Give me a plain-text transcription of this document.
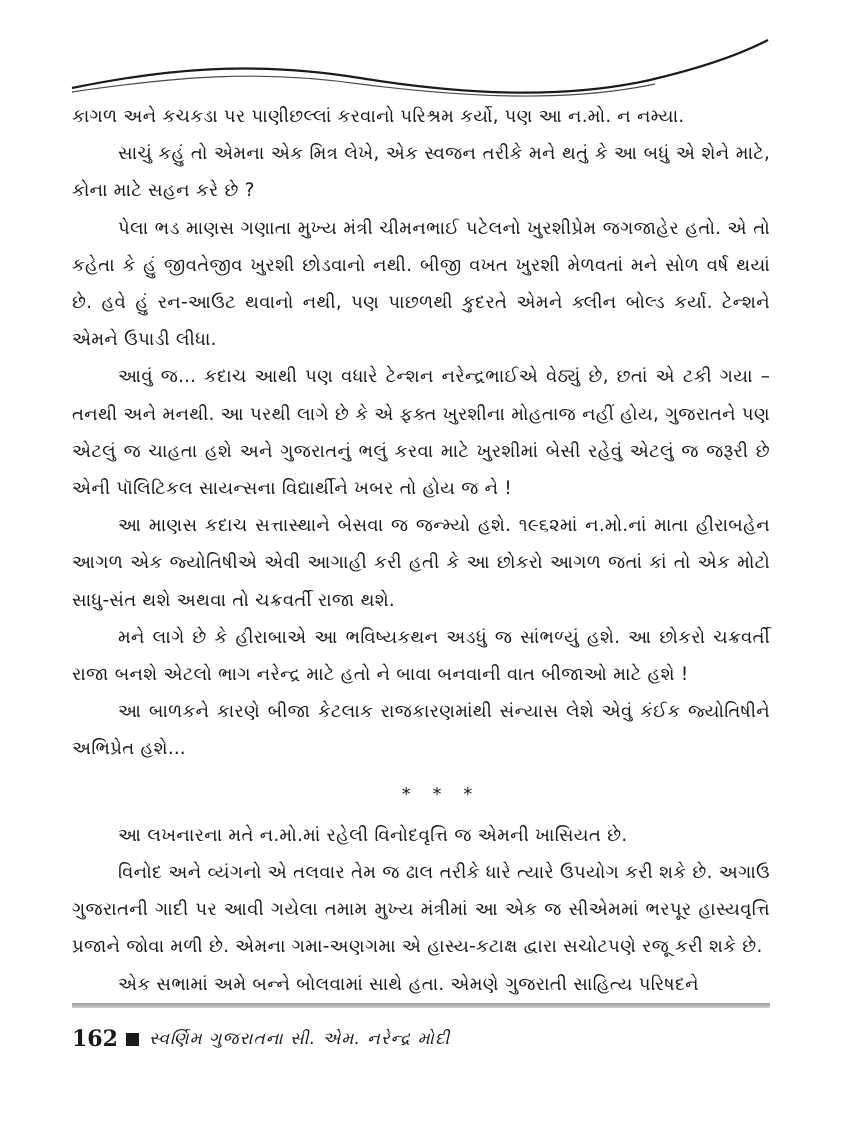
કાગળ અને કચકડા પર પાણીછલ્લાં કરવાનો પરિશ્રમ કર્યો, પણ આ ન.મો. ન નમ્યા.

સાચું કહું તો એમના એક મિત્ર લેખે, એક સ્વજન તરીકે મને થતું કે આ બધું એ શેને માટે, કોના માટે સહન કરે છે ?

પેલા ભડ માણસ ગણાતા મુખ્ય મંત્રી ચીમનભાઈ પટેલનો ખુરશીપ્રેમ જગજાહેર હતો. એ તો કહેતા કે હું જીવતેજીવ ખુરશી છોડવાનો નથી. બીજી વખત ખુરશી મેળવતાં મને સોળ વર્ષ થયાં છે. હવે હું રન-આઉટ થવાનો નથી, પણ પાછળથી કુદરતે એમને ક્લીન બોલ્ડ કર્યા. ટેન્શને એમને ઉપાડી લીધા.

આવું જ... કદાચ આથી પણ વધારે ટેન્શન નરેન્દ્રભાઈએ વેઠ્યું છે, છતાં એ ટકી ગયા – તનથી અને મનથી. આ પરથી લાગે છે કે એ ફક્ત ખુરશીના મોહતાજ નહીં હોય, ગુજરાતને પણ એટલું જ ચાહતા હશે અને ગુજરાતનું ભલું કરવા માટે ખુરશીમાં બેસી રહેવું એટલું જ જરૂરી છે એની પૉલિટિકલ સાયન્સના વિદ્યાર્થીને ખબર તો હોય જ ને !

આ માણસ કદાચ સત્તાસ્થાને બેસવા જ જન્મ્યો હશે. ૧૯૬૨માં ન.મો.નાં માતા હીરાબહેન આગળ એક જ્યોતિષીએ એવી આગાહી કરી હતી કે આ છોકરો આગળ જતાં કાં તો એક મોટો સાધુ-સંત થશે અથવા તો ચક્રવર્તી રાજા થશે.

મને લાગે છે કે હીરાબાએ આ ભવિષ્યકથન અડધું જ સાંભળ્યું હશે. આ છોકરો ચક્રવર્તી રાજા બનશે એટલો ભાગ નરેન્દ્ર માટે હતો ને બાવા બનવાની વાત બીજાઓ માટે હશે !

આ બાળકને કારણે બીજા કેટલાક રાજકારણમાંથી સંન્યાસ લેશે એવું કંઈક જ્યોતિષીને અભિપ્રેત હશે...

* * *

આ લખનારના મતે ન.મો.માં રહેલી વિનોદવૃત્તિ જ એમની ખાસિયત છે.

વિનોદ અને વ્યંગનો એ તલવાર તેમ જ ઢાલ તરીકે ધારે ત્યારે ઉપયોગ કરી શકે છે. અગાઉ ગુજરાતની ગાદી પર આવી ગયેલા તમામ મુખ્ય મંત્રીમાં આ એક જ સીએમમાં ભરપૂર હાસ્યવૃત્તિ પ્રજાને જોવા મળી છે. એમના ગમા-અણગમા એ હાસ્ય-કટાક્ષ દ્વારા સચોટપણે રજૂ કરી શકે છે.

એક સભામાં અમે બન્ને બોલવામાં સાથે હતા. એમણે ગુજરાતી સાહિત્ય પરિષદને

162 સ્વર્ણિમ ગુજરાતના સી. એમ. નરેન્દ્ર મોદી
